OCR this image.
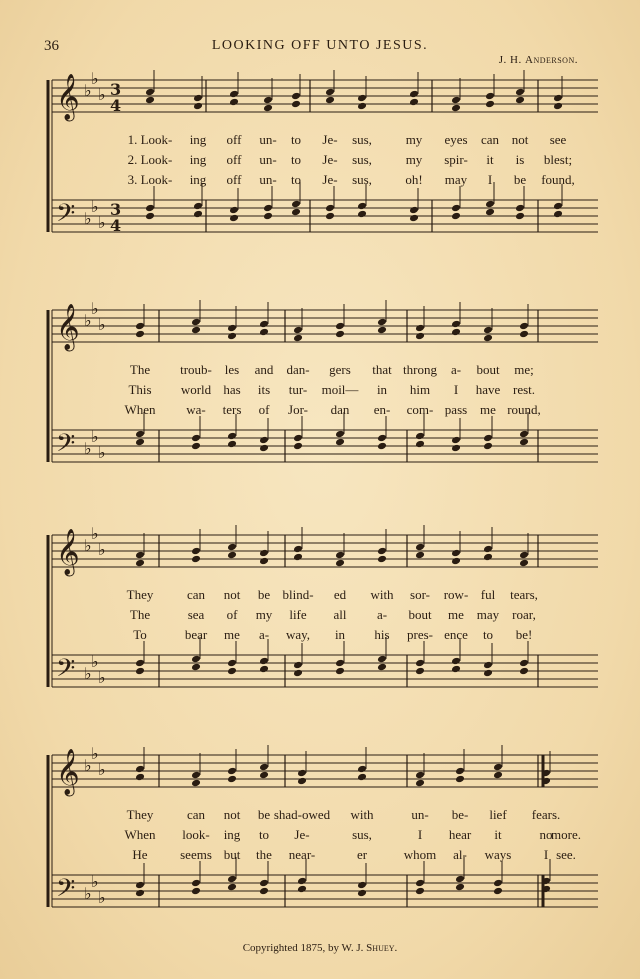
36	LOOKING OFF UNTO JESUS.
J. H. Anderson.
𝄞
𝄢
♭
♭
♭
♭
♭
♭
3
4
3
4
1. Look- ing off un- to Je- sus,	my eyes can not see
2. Look- ing off un- to Je- sus,	my spir- it is blest;
3. Look- ing off un- to Je- sus,	oh! may I be found,
𝄞
𝄢
♭
♭
♭
♭
♭
♭
The troub- les and dan- gers that throng a- bout me;
This world has its tur- moil— in him I have rest.
When wa- ters of Jor- dan en- com- pass me round,
𝄞
𝄢
♭
♭
♭
♭
♭
♭
They	can not be blind- ed with sor- row- ful tears,
The	sea of my life all a- bout me may roar,
To	bear me a- way, in his pres- ence to be!
𝄞
𝄢
♭
♭
♭
♭
♭
♭
They	can not be shad-owed with	un- be- lief fears.
When look- ing to Je-	sus,	I hear it	no
more.
He	seems but the near-	er	whom al- ways I see.
Copyrighted 1875, by W. J. Shuey.
